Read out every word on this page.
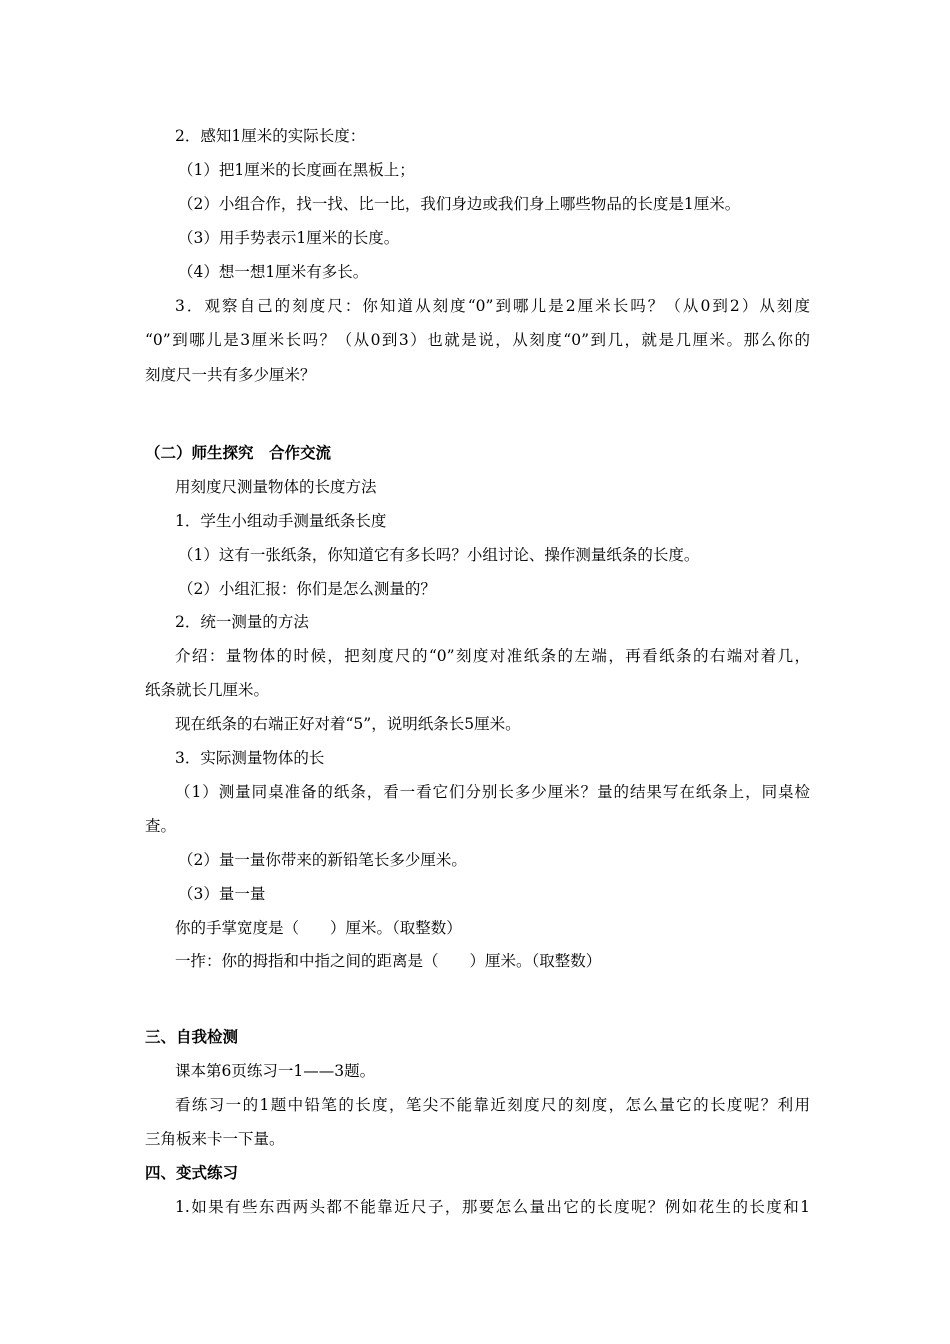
2．感知1厘米的实际长度：
（1）把1厘米的长度画在黑板上；
（2）小组合作，找一找、比一比，我们身边或我们身上哪些物品的长度是1厘米。
（3）用手势表示1厘米的长度。
（4）想一想1厘米有多长。
3．观察自己的刻度尺：你知道从刻度“0”到哪儿是2厘米长吗？（从0到2）从刻度
“0”到哪儿是3厘米长吗？（从0到3）也就是说，从刻度“0”到几，就是几厘米。那么你的
刻度尺一共有多少厘米？
（二）师生探究　合作交流
用刻度尺测量物体的长度方法
1．学生小组动手测量纸条长度
（1）这有一张纸条，你知道它有多长吗？小组讨论、操作测量纸条的长度。
（2）小组汇报：你们是怎么测量的？
2．统一测量的方法
介绍：量物体的时候，把刻度尺的“0”刻度对准纸条的左端，再看纸条的右端对着几，
纸条就长几厘米。
现在纸条的右端正好对着“5”，说明纸条长5厘米。
3．实际测量物体的长
（1）测量同桌准备的纸条，看一看它们分别长多少厘米？量的结果写在纸条上，同桌检
查。
（2）量一量你带来的新铅笔长多少厘米。
（3）量一量
你的手掌宽度是（　　）厘米。（取整数）
一拃：你的拇指和中指之间的距离是（　　）厘米。（取整数）
三、自我检测
课本第6页练习一1——3题。
看练习一的1题中铅笔的长度，笔尖不能靠近刻度尺的刻度，怎么量它的长度呢？利用
三角板来卡一下量。
四、变式练习
1.如果有些东西两头都不能靠近尺子，那要怎么量出它的长度呢？例如花生的长度和1
